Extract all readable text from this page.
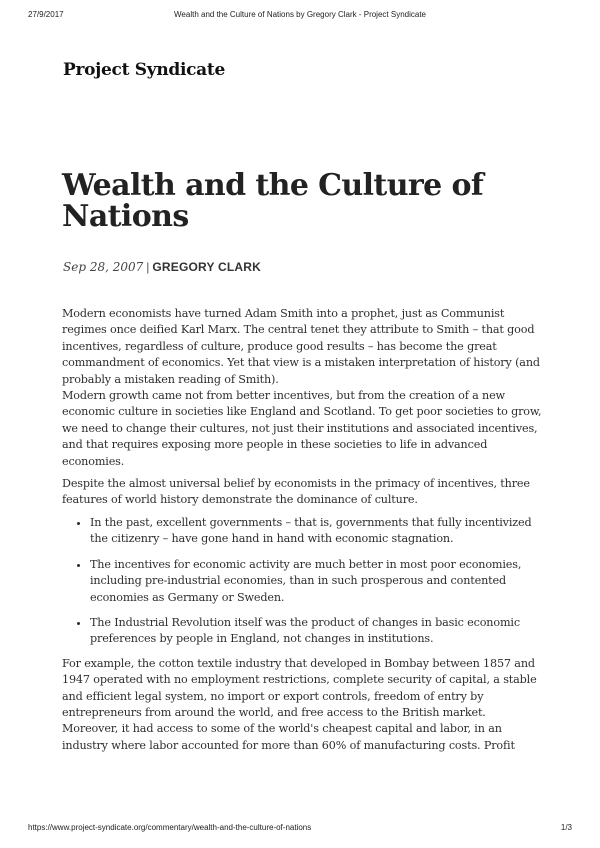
27/9/2017	Wealth and the Culture of Nations by Gregory Clark - Project Syndicate
Project Syndicate
Wealth and the Culture of Nations
Sep 28, 2007 | GREGORY CLARK

Modern economists have turned Adam Smith into a prophet, just as Communist regimes once deified Karl Marx. The central tenet they attribute to Smith – that good incentives, regardless of culture, produce good results – has become the great commandment of economics. Yet that view is a mistaken interpretation of history (and probably a mistaken reading of Smith).

Modern growth came not from better incentives, but from the creation of a new economic culture in societies like England and Scotland. To get poor societies to grow, we need to change their cultures, not just their institutions and associated incentives, and that requires exposing more people in these societies to life in advanced economies.

Despite the almost universal belief by economists in the primacy of incentives, three features of world history demonstrate the dominance of culture.

• In the past, excellent governments – that is, governments that fully incentivized the citizenry – have gone hand in hand with economic stagnation.
• The incentives for economic activity are much better in most poor economies, including pre-industrial economies, than in such prosperous and contented economies as Germany or Sweden.
• The Industrial Revolution itself was the product of changes in basic economic preferences by people in England, not changes in institutions.

For example, the cotton textile industry that developed in Bombay between 1857 and 1947 operated with no employment restrictions, complete security of capital, a stable and efficient legal system, no import or export controls, freedom of entry by entrepreneurs from around the world, and free access to the British market. Moreover, it had access to some of the world's cheapest capital and labor, in an industry where labor accounted for more than 60% of manufacturing costs. Profit

https://www.project-syndicate.org/commentary/wealth-and-the-culture-of-nations	1/3
